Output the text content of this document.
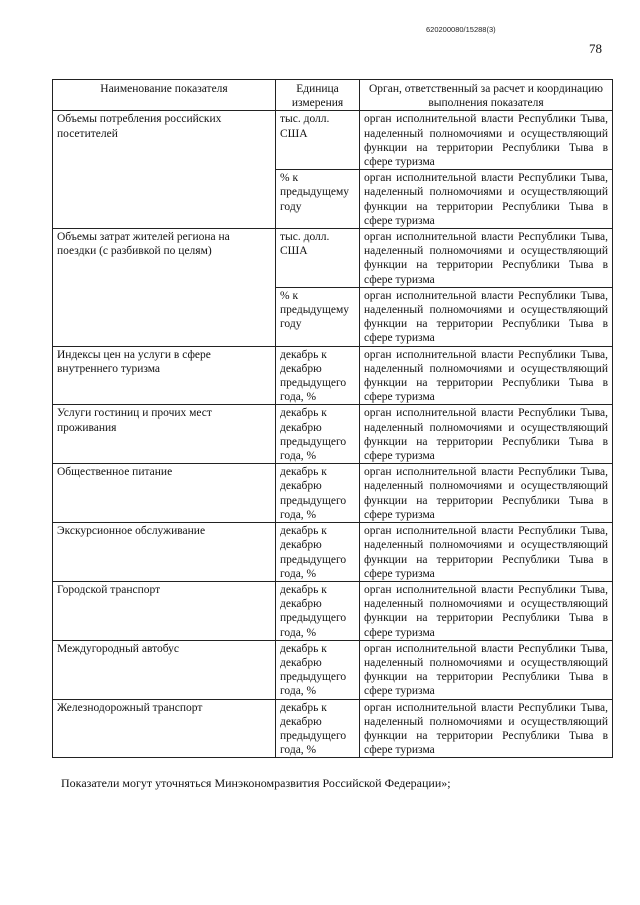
620200080/15288(3)
78
Наименование показателя	Единица измерения	Орган, ответственный за расчет и координацию выполнения показателя
Объемы потребления российских посетителей	тыс. долл. США	орган исполнительной власти Республики Тыва, наделенный полномочиями и осуществляющий функции на территории Республики Тыва в сфере туризма
	% к предыдущему году	орган исполнительной власти Республики Тыва, наделенный полномочиями и осуществляющий функции на территории Республики Тыва в сфере туризма
Объемы затрат жителей региона на поездки (с разбивкой по целям)	тыс. долл. США	орган исполнительной власти Республики Тыва, наделенный полномочиями и осуществляющий функции на территории Республики Тыва в сфере туризма
	% к предыдущему году	орган исполнительной власти Республики Тыва, наделенный полномочиями и осуществляющий функции на территории Республики Тыва в сфере туризма
Индексы цен на услуги в сфере внутреннего туризма	декабрь к декабрю предыдущего года, %	орган исполнительной власти Республики Тыва, наделенный полномочиями и осуществляющий функции на территории Республики Тыва в сфере туризма
Услуги гостиниц и прочих мест проживания	декабрь к декабрю предыдущего года, %	орган исполнительной власти Республики Тыва, наделенный полномочиями и осуществляющий функции на территории Республики Тыва в сфере туризма
Общественное питание	декабрь к декабрю предыдущего года, %	орган исполнительной власти Республики Тыва, наделенный полномочиями и осуществляющий функции на территории Республики Тыва в сфере туризма
Экскурсионное обслуживание	декабрь к декабрю предыдущего года, %	орган исполнительной власти Республики Тыва, наделенный полномочиями и осуществляющий функции на территории Республики Тыва в сфере туризма
Городской транспорт	декабрь к декабрю предыдущего года, %	орган исполнительной власти Республики Тыва, наделенный полномочиями и осуществляющий функции на территории Республики Тыва в сфере туризма
Междугородный автобус	декабрь к декабрю предыдущего года, %	орган исполнительной власти Республики Тыва, наделенный полномочиями и осуществляющий функции на территории Республики Тыва в сфере туризма
Железнодорожный транспорт	декабрь к декабрю предыдущего года, %	орган исполнительной власти Республики Тыва, наделенный полномочиями и осуществляющий функции на территории Республики Тыва в сфере туризма
Показатели могут уточняться Минэкономразвития Российской Федерации»;
